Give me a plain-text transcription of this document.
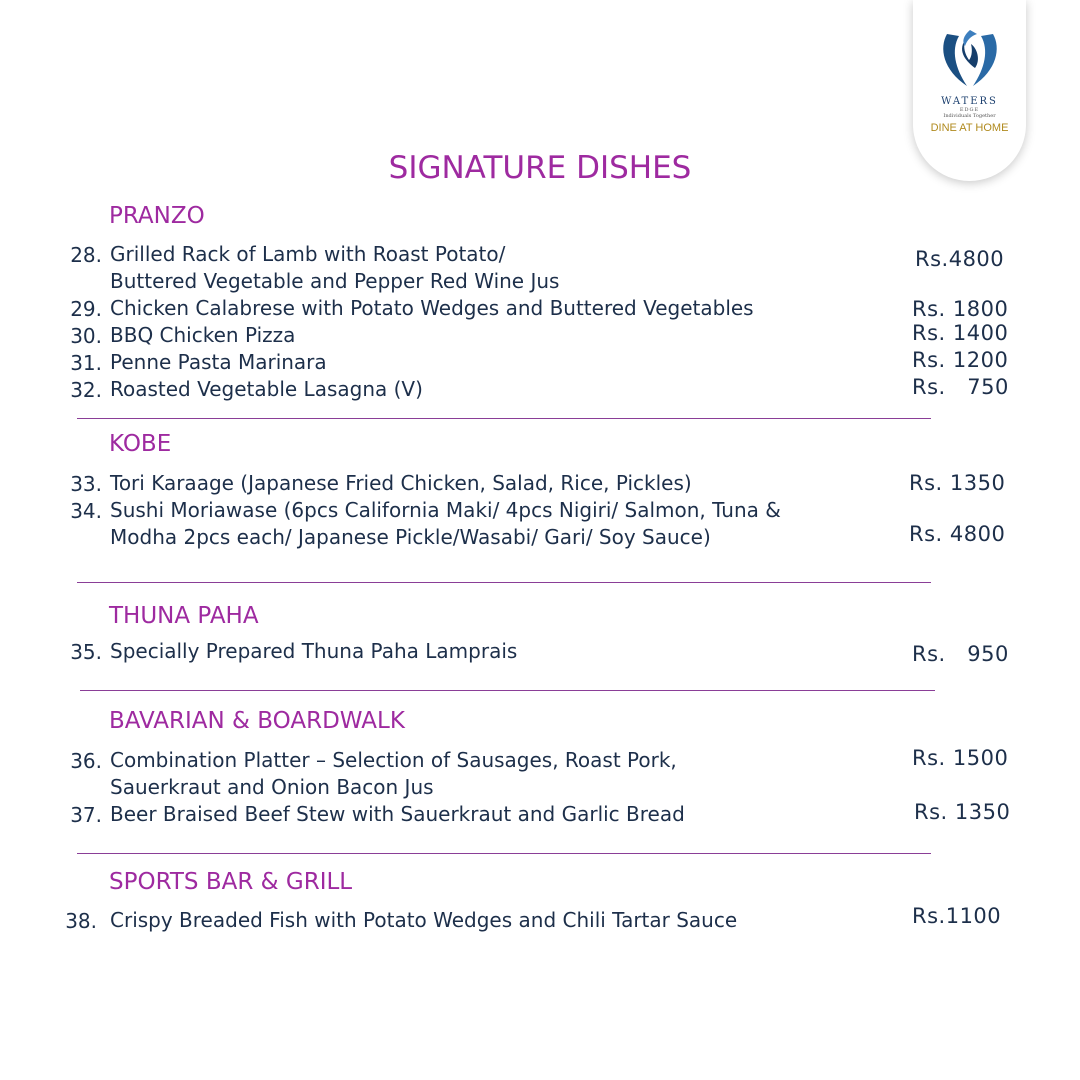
WATERS
EDGE
Individuals Together
DINE AT HOME
SIGNATURE DISHES
PRANZO
28. Grilled Rack of Lamb with Roast Potato/
Buttered Vegetable and Pepper Red Wine Jus
Rs.4800
29. Chicken Calabrese with Potato Wedges and Buttered Vegetables	Rs. 1800
30. BBQ Chicken Pizza	Rs. 1400
31. Penne Pasta Marinara	Rs. 1200
32. Roasted Vegetable Lasagna (V)	Rs.   750
KOBE
33. Tori Karaage (Japanese Fried Chicken, Salad, Rice, Pickles)	Rs. 1350
34. Sushi Moriawase (6pcs California Maki/ 4pcs Nigiri/ Salmon, Tuna &
Modha 2pcs each/ Japanese Pickle/Wasabi/ Gari/ Soy Sauce)	Rs. 4800
THUNA PAHA
35. Specially Prepared Thuna Paha Lamprais	Rs.   950
BAVARIAN & BOARDWALK
36. Combination Platter – Selection of Sausages, Roast Pork,
Sauerkraut and Onion Bacon Jus
Rs. 1500
37. Beer Braised Beef Stew with Sauerkraut and Garlic Bread	Rs. 1350
SPORTS BAR & GRILL
38. Crispy Breaded Fish with Potato Wedges and Chili Tartar Sauce	Rs.1100
